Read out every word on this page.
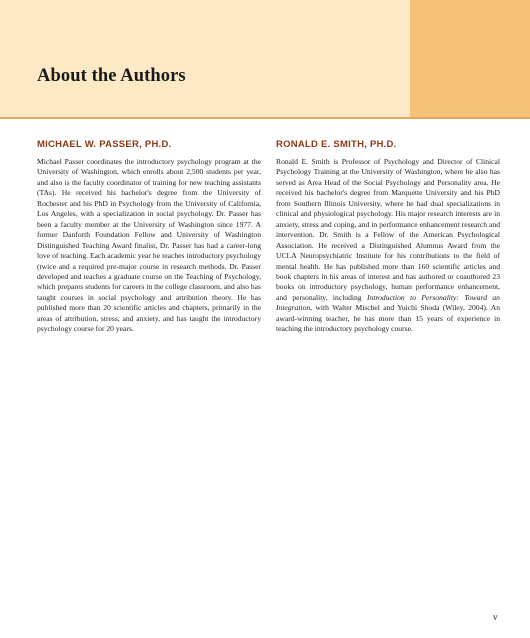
About the Authors
MICHAEL W. PASSER, PH.D.

Michael Passer coordinates the introductory psychology program at the University of Washington, which enrolls about 2,500 students per year, and also is the faculty coordinator of training for new teaching assistants (TAs). He received his bachelor's degree from the University of Rochester and his PhD in Psychology from the University of California, Los Angeles, with a specialization in social psychology. Dr. Passer has been a faculty member at the University of Washington since 1977. A former Danforth Foundation Fellow and University of Washington Distinguished Teaching Award finalist, Dr. Passer has had a career-long love of teaching. Each academic year he teaches introductory psychology (twice and a required pre-major course in research methods. Dr. Passer developed and teaches a graduate course on the Teaching of Psychology, which prepares students for careers in the college classroom, and also has taught courses in social psychology and attribution theory. He has published more than 20 scientific articles and chapters, primarily in the areas of attribution, stress, and anxiety, and has taught the introductory psychology course for 20 years.

RONALD E. SMITH, PH.D.

Ronald E. Smith is Professor of Psychology and Director of Clinical Psychology Training at the University of Washington, where he also has served as Area Head of the Social Psychology and Personality area. He received his bachelor's degree from Marquette University and his PhD from Southern Illinois University, where he had dual specializations in clinical and physiological psychology. His major research interests are in anxiety, stress and coping, and in performance enhancement research and intervention. Dr. Smith is a Fellow of the American Psychological Association. He received a Distinguished Alumnus Award from the UCLA Neuropsychiatric Institute for his contributions to the field of mental health. He has published more than 160 scientific articles and book chapters in his areas of interest and has authored or coauthored 23 books on introductory psychology, human performance enhancement, and personality, including Introduction to Personality: Toward an Integration, with Walter Mischel and Yuichi Shoda (Wiley, 2004). An award-winning teacher, he has more than 15 years of experience in teaching the introductory psychology course.

v
